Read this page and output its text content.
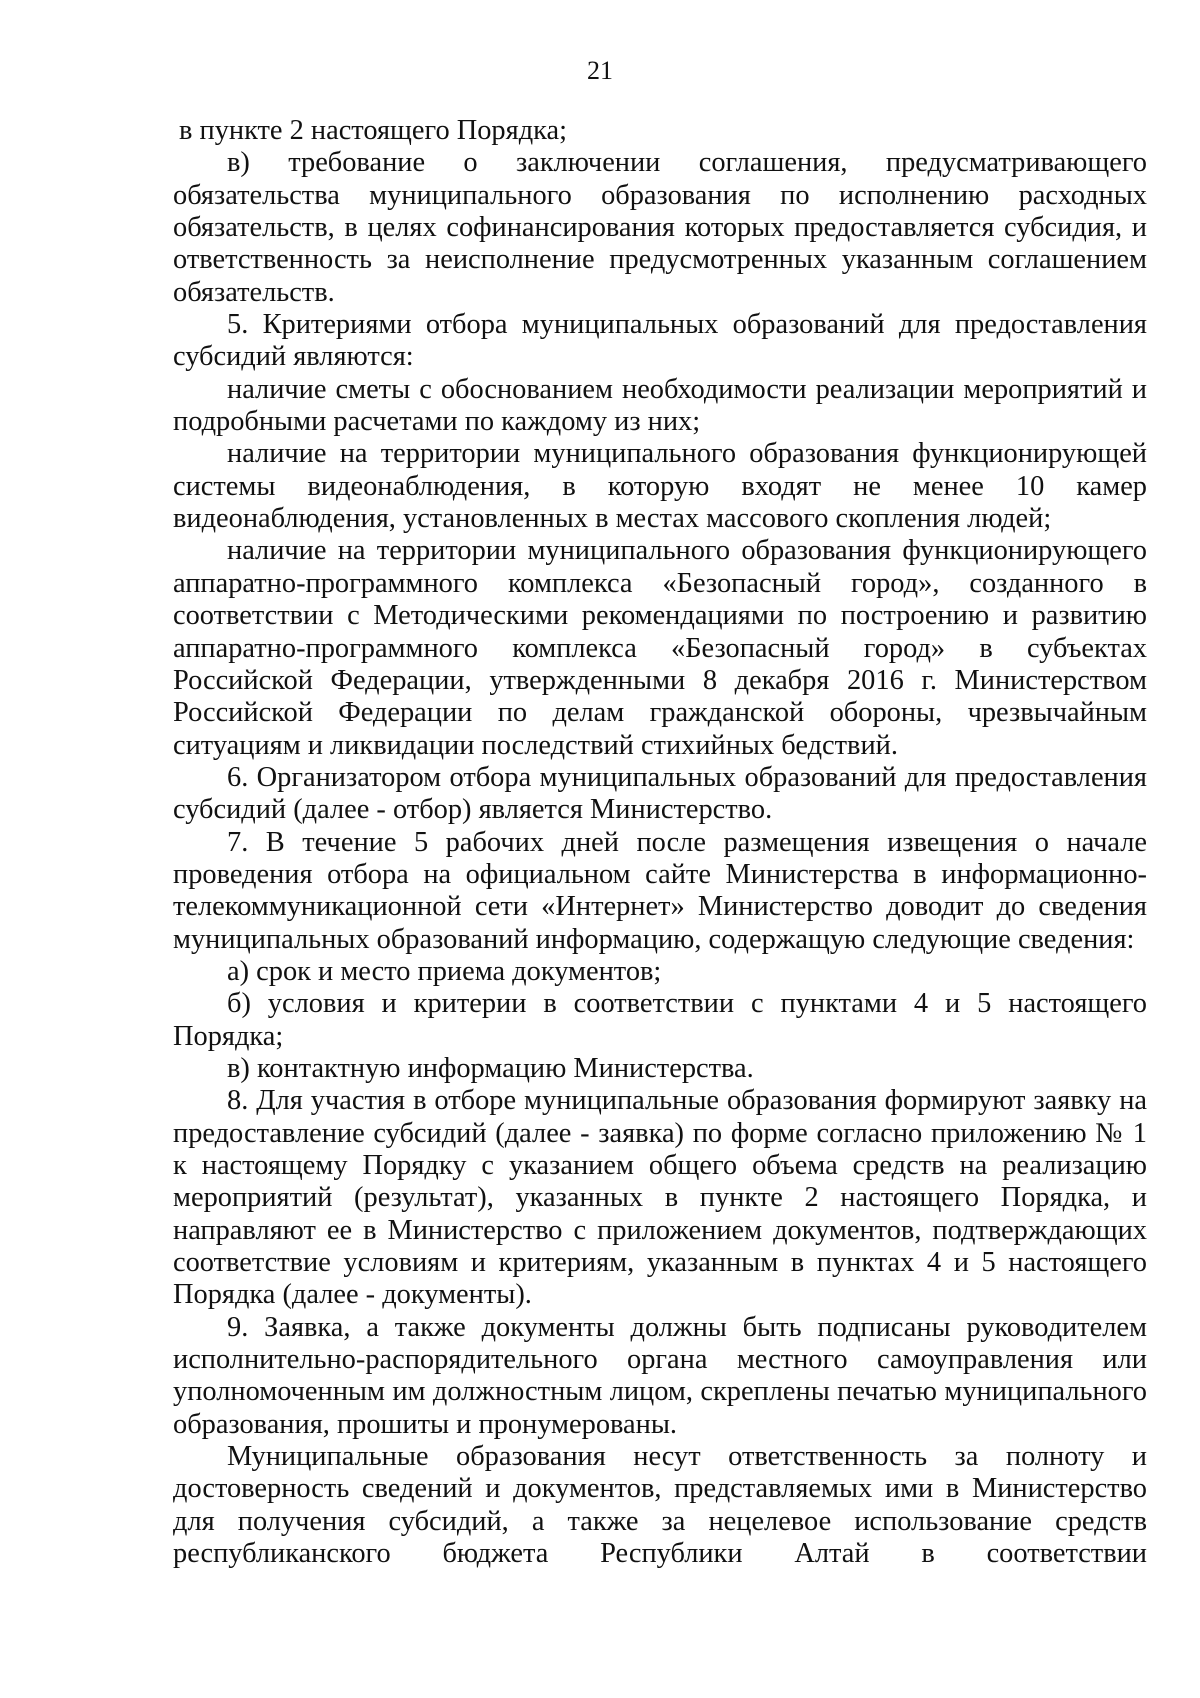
21

в пункте 2 настоящего Порядка;

в) требование о заключении соглашения, предусматривающего обязательства муниципального образования по исполнению расходных обязательств, в целях софинансирования которых предоставляется субсидия, и ответственность за неисполнение предусмотренных указанным соглашением обязательств.

5. Критериями отбора муниципальных образований для предоставления субсидий являются:

наличие сметы с обоснованием необходимости реализации мероприятий и подробными расчетами по каждому из них;

наличие на территории муниципального образования функционирующей системы видеонаблюдения, в которую входят не менее 10 камер видеонаблюдения, установленных в местах массового скопления людей;

наличие на территории муниципального образования функционирующего аппаратно-программного комплекса «Безопасный город», созданного в соответствии с Методическими рекомендациями по построению и развитию аппаратно-программного комплекса «Безопасный город» в субъектах Российской Федерации, утвержденными 8 декабря 2016 г. Министерством Российской Федерации по делам гражданской обороны, чрезвычайным ситуациям и ликвидации последствий стихийных бедствий.

6. Организатором отбора муниципальных образований для предоставления субсидий (далее - отбор) является Министерство.

7. В течение 5 рабочих дней после размещения извещения о начале проведения отбора на официальном сайте Министерства в информационно-телекоммуникационной сети «Интернет» Министерство доводит до сведения муниципальных образований информацию, содержащую следующие сведения:

а) срок и место приема документов;

б) условия и критерии в соответствии с пунктами 4 и 5 настоящего Порядка;

в) контактную информацию Министерства.

8. Для участия в отборе муниципальные образования формируют заявку на предоставление субсидий (далее - заявка) по форме согласно приложению № 1 к настоящему Порядку с указанием общего объема средств на реализацию мероприятий (результат), указанных в пункте 2 настоящего Порядка, и направляют ее в Министерство с приложением документов, подтверждающих соответствие условиям и критериям, указанным в пунктах 4 и 5 настоящего Порядка (далее - документы).

9. Заявка, а также документы должны быть подписаны руководителем исполнительно-распорядительного органа местного самоуправления или уполномоченным им должностным лицом, скреплены печатью муниципального образования, прошиты и пронумерованы.

Муниципальные образования несут ответственность за полноту и достоверность сведений и документов, представляемых ими в Министерство для получения субсидий, а также за нецелевое использование средств республиканского бюджета Республики Алтай в соответствии
